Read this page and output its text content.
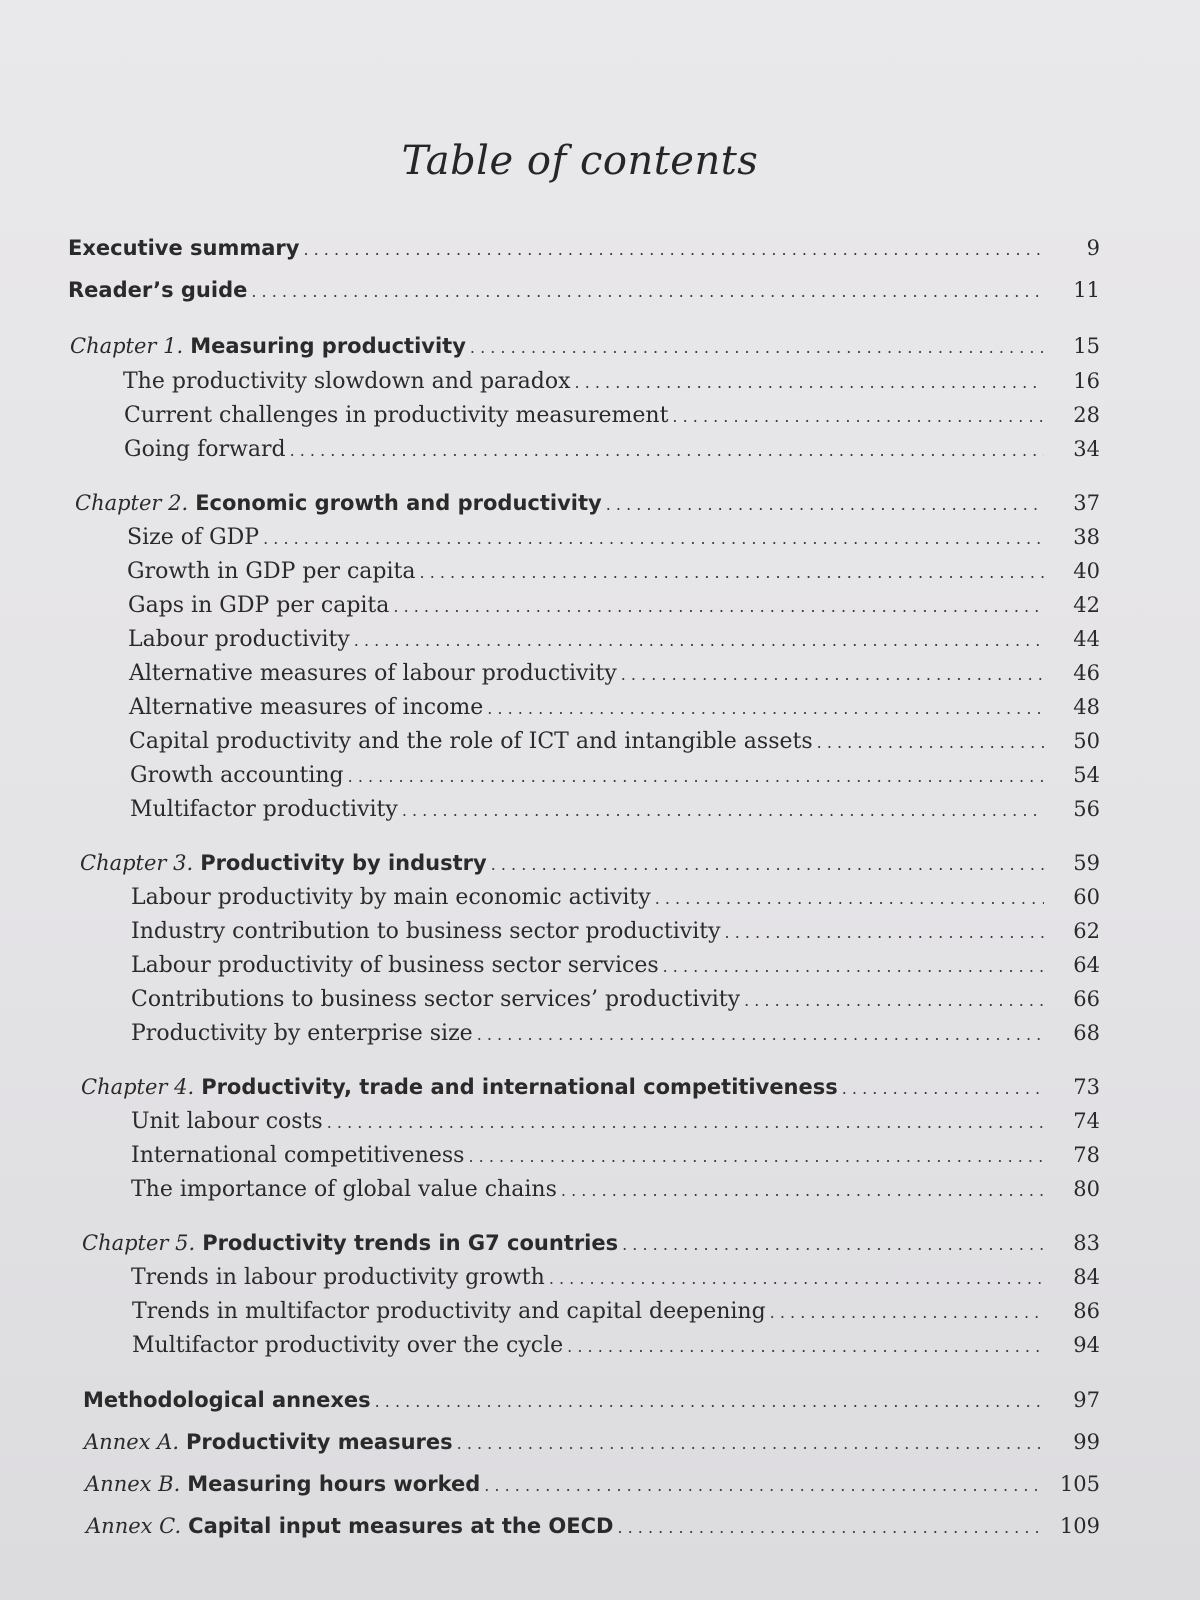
Table of contents
Executive summary . . .	9
Reader’s guide . . .	11
Chapter 1. Measuring productivity . . .	15
The productivity slowdown and paradox . . .	16
Current challenges in productivity measurement . . .	28
Going forward . . .	34
Chapter 2. Economic growth and productivity . . .	37
Size of GDP . . .	38
Growth in GDP per capita . . .	40
Gaps in GDP per capita . . .	42
Labour productivity . . .	44
Alternative measures of labour productivity . . .	46
Alternative measures of income . . .	48
Capital productivity and the role of ICT and intangible assets . . .	50
Growth accounting . . .	54
Multifactor productivity . . .	56
Chapter 3. Productivity by industry . . .	59
Labour productivity by main economic activity . . .	60
Industry contribution to business sector productivity . . .	62
Labour productivity of business sector services . . .	64
Contributions to business sector services’ productivity . . .	66
Productivity by enterprise size . . .	68
Chapter 4. Productivity, trade and international competitiveness . . .	73
Unit labour costs . . .	74
International competitiveness . . .	78
The importance of global value chains . . .	80
Chapter 5. Productivity trends in G7 countries . . .	83
Trends in labour productivity growth . . .	84
Trends in multifactor productivity and capital deepening . . .	86
Multifactor productivity over the cycle . . .	94
Methodological annexes . . .	97
Annex A. Productivity measures . . .	99
Annex B. Measuring hours worked . . .	105
Annex C. Capital input measures at the OECD . . .	109
